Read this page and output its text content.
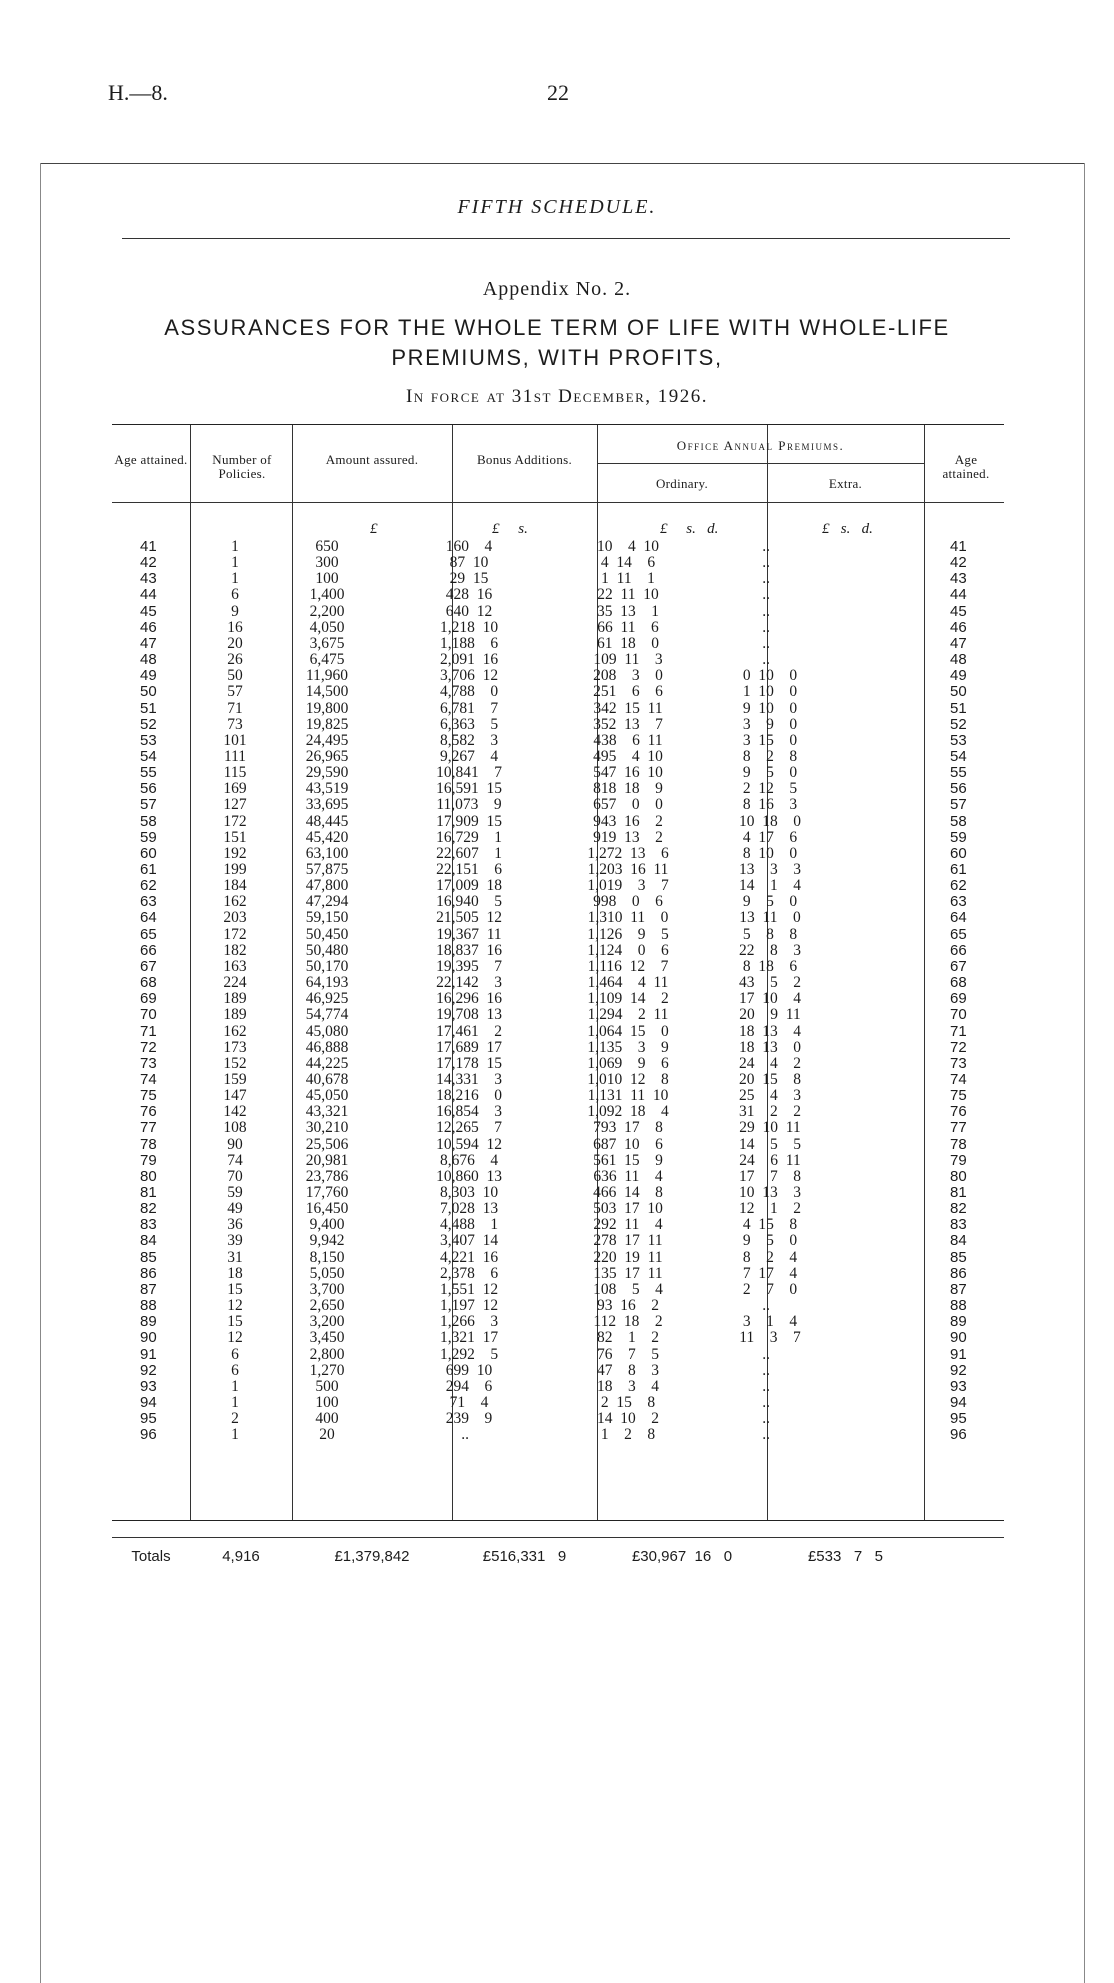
H.—8.	22
FIFTH SCHEDULE.
Appendix No. 2.
ASSURANCES FOR THE WHOLE TERM OF LIFE WITH WHOLE-LIFE
PREMIUMS, WITH PROFITS,
In force at 31st December, 1926.
Age attained.	Number of Policies.
Amount assured.	Bonus Additions.
Office Annual Premiums.
Ordinary.	Extra.
Age attained.
£	£     s.	£     s.   d.	£   s.   d.
41	1	650	160    4	10    4  10	..	41
42	1	300	87  10	4  14    6	..	42
43	1	100	29  15	1  11    1	..	43
44	6	1,400	428  16	22  11  10	..	44
45	9	2,200	640  12	35  13    1	..	45
46	16	4,050	1,218  10	66  11    6	..	46
47	20	3,675	1,188    6	61  18    0	..	47
48	26	6,475	2,091  16	109  11    3	..	48
49	50	11,960	3,706  12	208    3    0	0  10    0	49
50	57	14,500	4,788    0	251    6    6	1  10    0	50
51	71	19,800	6,781    7	342  15  11	9  10    0	51
52	73	19,825	6,363    5	352  13    7	3    9    0	52
53	101	24,495	8,582    3	438    6  11	3  15    0	53
54	111	26,965	9,267    4	495    4  10	8    2    8	54
55	115	29,590	10,841    7	547  16  10	9    5    0	55
56	169	43,519	16,591  15	818  18    9	2  12    5	56
57	127	33,695	11,073    9	657    0    0	8  16    3	57
58	172	48,445	17,909  15	943  16    2	10  18    0	58
59	151	45,420	16,729    1	919  13    2	4  17    6	59
60	192	63,100	22,607    1	1,272  13    6	8  10    0	60
61	199	57,875	22,151    6	1,203  16  11	13    3    3	61
62	184	47,800	17,009  18	1,019    3    7	14    1    4	62
63	162	47,294	16,940    5	998    0    6	9    5    0	63
64	203	59,150	21,505  12	1,310  11    0	13  11    0	64
65	172	50,450	19,367  11	1,126    9    5	5    8    8	65
66	182	50,480	18,837  16	1,124    0    6	22    8    3	66
67	163	50,170	19,395    7	1,116  12    7	8  18    6	67
68	224	64,193	22,142    3	1,464    4  11	43    5    2	68
69	189	46,925	16,296  16	1,109  14    2	17  10    4	69
70	189	54,774	19,708  13	1,294    2  11	20    9  11	70
71	162	45,080	17,461    2	1,064  15    0	18  13    4	71
72	173	46,888	17,689  17	1,135    3    9	18  13    0	72
73	152	44,225	17,178  15	1,069    9    6	24    4    2	73
74	159	40,678	14,331    3	1,010  12    8	20  15    8	74
75	147	45,050	18,216    0	1,131  11  10	25    4    3	75
76	142	43,321	16,854    3	1,092  18    4	31    2    2	76
77	108	30,210	12,265    7	793  17    8	29  10  11	77
78	90	25,506	10,594  12	687  10    6	14    5    5	78
79	74	20,981	8,676    4	561  15    9	24    6  11	79
80	70	23,786	10,860  13	636  11    4	17    7    8	80
81	59	17,760	8,303  10	466  14    8	10  13    3	81
82	49	16,450	7,028  13	503  17  10	12    1    2	82
83	36	9,400	4,488    1	292  11    4	4  15    8	83
84	39	9,942	3,407  14	278  17  11	9    5    0	84
85	31	8,150	4,221  16	220  19  11	8    2    4	85
86	18	5,050	2,378    6	135  17  11	7  17    4	86
87	15	3,700	1,551  12	108    5    4	2    7    0	87
88	12	2,650	1,197  12	93  16    2	..	88
89	15	3,200	1,266    3	112  18    2	3    1    4	89
90	12	3,450	1,321  17	82    1    2	11    3    7	90
91	6	2,800	1,292    5	76    7    5	..	91
92	6	1,270	699  10	47    8    3	..	92
93	1	500	294    6	18    3    4	..	93
94	1	100	71    4	2  15    8	..	94
95	2	400	239    9	14  10    2	..	95
96	1	20	..	1    2    8	..	96
Totals	4,916	£1,379,842	£516,331   9	£30,967  16   0	£533   7   5
